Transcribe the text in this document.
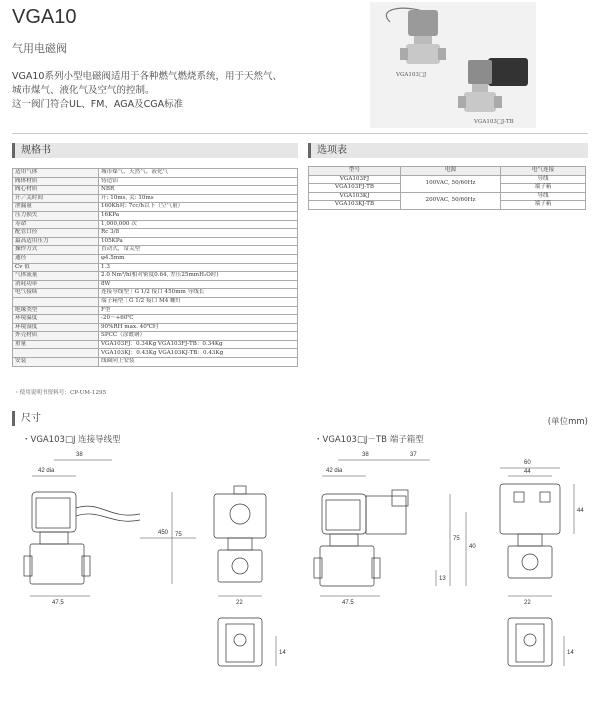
VGA10
气用电磁阀
VGA10系列小型电磁阀适用于各种燃气燃烧系统，用于天然气、
城市煤气、液化气及空气的控制。
这一阀门符合UL、FM、AGA及CGA标准
VGA103□J
VGA103□J-TB
规格书
适用气体	城市煤气、天然气、液化气
阀体材质	铸造铝
阀心材质	NBR
开／关时间	开: 10ms, 关: 10ms
泄漏量	160Kh时: 7cc/h以下（空气量）
压力损失	16KPa
寿命	1,000,000 次
配管口径	Rc 3/8
最高适用压力	105KPa
操作方式	直动式，常关型
通径	φ4.5mm
Cv 值	1.3
气体流量	2.0 Nm³/h(相对密度0.64, 差压25mmH₂O时)
消耗功率	8W
电气接续	连接导线型｜G 1/2 接口 450mm 导线长
	端子箱型｜G 1/2 接口 M4 螺钉
绝缘类型	F型
环境温度	-20～+60℃
环境湿度	90%RH max. 40℃时
外壳材质	SPCC（涂镀钢）
重量	VGA103FJ：0.34Kg VGA103FJ-TB：0.34Kg
	VGA103KJ：0.43Kg VGA103KJ-TB：0.43Kg
安装	线圈向上安装
・使用说明书资料号：CP-UM-1295
选项表
型号	电源	电气连接
VGA103FJ	100VAC, 50/60Hz	导线
VGA103FJ-TB		端子箱
VGA103KJ	200VAC, 50/60Hz	导线
VGA103KJ-TB		端子箱
尺寸	(单位mm)
・VGA103□J 连接导线型	・VGA103□J－TB 端子箱型
38
42 dia
450 75
47.5	22
14
38	37
42 dia
75
40
13
47.5
60
44
44
22
14
